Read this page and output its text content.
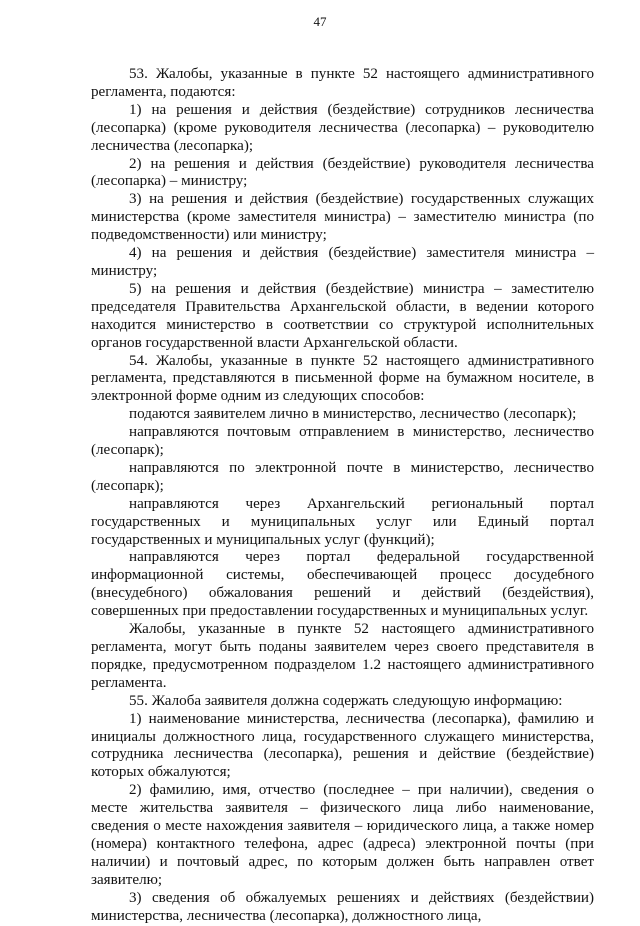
47

53. Жалобы, указанные в пункте 52 настоящего административного регламента, подаются:

1) на решения и действия (бездействие) сотрудников лесничества (лесопарка) (кроме руководителя лесничества (лесопарка) – руководителю лесничества (лесопарка);

2) на решения и действия (бездействие) руководителя лесничества (лесопарка) – министру;

3) на решения и действия (бездействие) государственных служащих министерства (кроме заместителя министра) – заместителю министра (по подведомственности) или министру;

4) на решения и действия (бездействие) заместителя министра – министру;

5) на решения и действия (бездействие) министра – заместителю председателя Правительства Архангельской области, в ведении которого находится министерство в соответствии со структурой исполнительных органов государственной власти Архангельской области.

54. Жалобы, указанные в пункте 52 настоящего административного регламента, представляются в письменной форме на бумажном носителе, в электронной форме одним из следующих способов:

подаются заявителем лично в министерство, лесничество (лесопарк);

направляются почтовым отправлением в министерство, лесничество (лесопарк);

направляются по электронной почте в министерство, лесничество (лесопарк);

направляются через Архангельский региональный портал государственных и муниципальных услуг или Единый портал государственных и муниципальных услуг (функций);

направляются через портал федеральной государственной информационной системы, обеспечивающей процесс досудебного (внесудебного) обжалования решений и действий (бездействия), совершенных при предоставлении государственных и муниципальных услуг.

Жалобы, указанные в пункте 52 настоящего административного регламента, могут быть поданы заявителем через своего представителя в порядке, предусмотренном подразделом 1.2 настоящего административного регламента.

55. Жалоба заявителя должна содержать следующую информацию:

1) наименование министерства, лесничества (лесопарка), фамилию и инициалы должностного лица, государственного служащего министерства, сотрудника лесничества (лесопарка), решения и действие (бездействие) которых обжалуются;

2) фамилию, имя, отчество (последнее – при наличии), сведения о месте жительства заявителя – физического лица либо наименование, сведения о месте нахождения заявителя – юридического лица, а также номер (номера) контактного телефона, адрес (адреса) электронной почты (при наличии) и почтовый адрес, по которым должен быть направлен ответ заявителю;

3) сведения об обжалуемых решениях и действиях (бездействии) министерства, лесничества (лесопарка), должностного лица,
